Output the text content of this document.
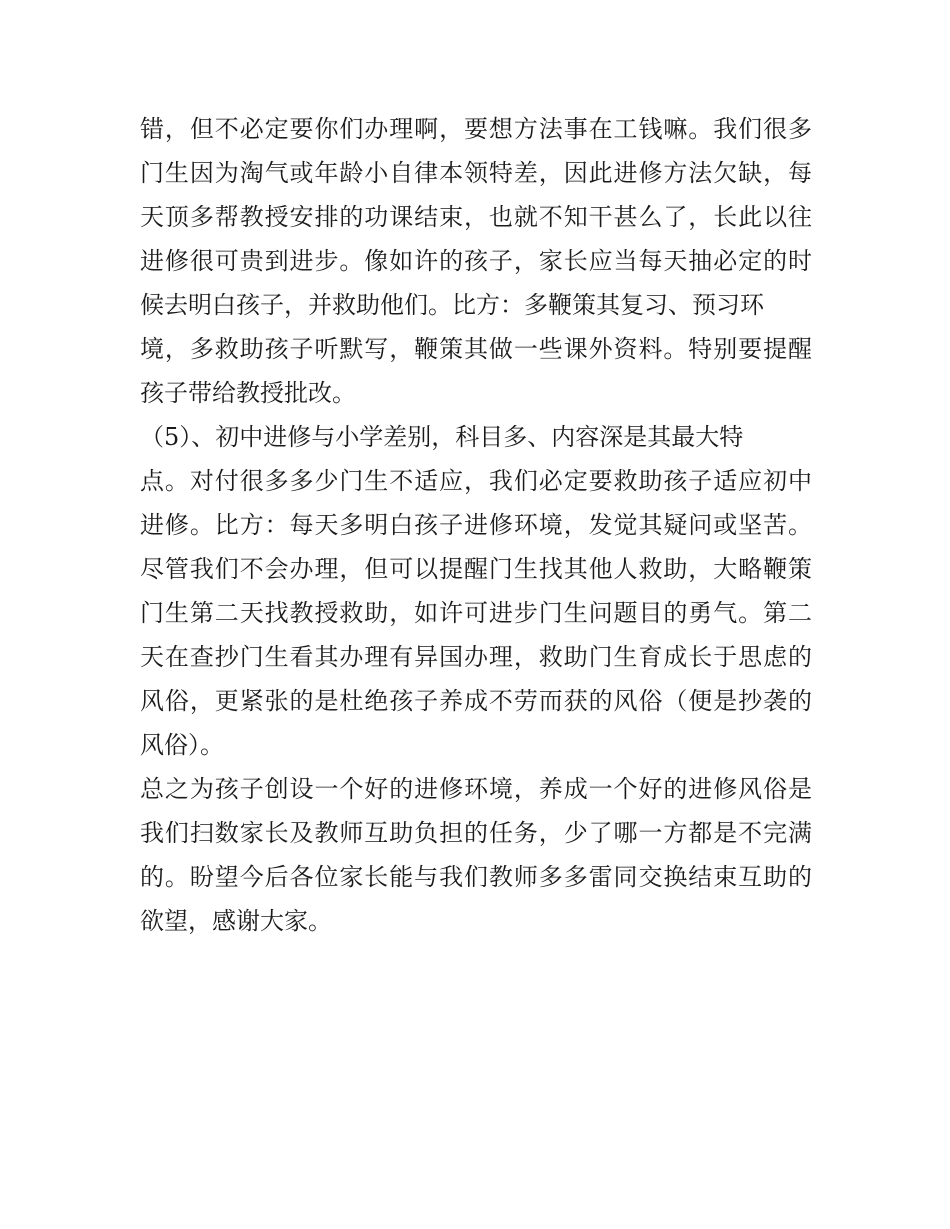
错，但不必定要你们办理啊，要想方法事在工钱嘛。我们很多
门生因为淘气或年龄小自律本领特差，因此进修方法欠缺，每
天顶多帮教授安排的功课结束，也就不知干甚么了，长此以往
进修很可贵到进步。像如许的孩子，家长应当每天抽必定的时
候去明白孩子，并救助他们。比方：多鞭策其复习、预习环
境，多救助孩子听默写，鞭策其做一些课外资料。特别要提醒
孩子带给教授批改。
（5）、初中进修与小学差别，科目多、内容深是其最大特
点。对付很多多少门生不适应，我们必定要救助孩子适应初中
进修。比方：每天多明白孩子进修环境，发觉其疑问或坚苦。
尽管我们不会办理，但可以提醒门生找其他人救助，大略鞭策
门生第二天找教授救助，如许可进步门生问题目的勇气。第二
天在查抄门生看其办理有异国办理，救助门生育成长于思虑的
风俗，更紧张的是杜绝孩子养成不劳而获的风俗（便是抄袭的
风俗）。
总之为孩子创设一个好的进修环境，养成一个好的进修风俗是
我们扫数家长及教师互助负担的任务，少了哪一方都是不完满
的。盼望今后各位家长能与我们教师多多雷同交换结束互助的
欲望，感谢大家。
